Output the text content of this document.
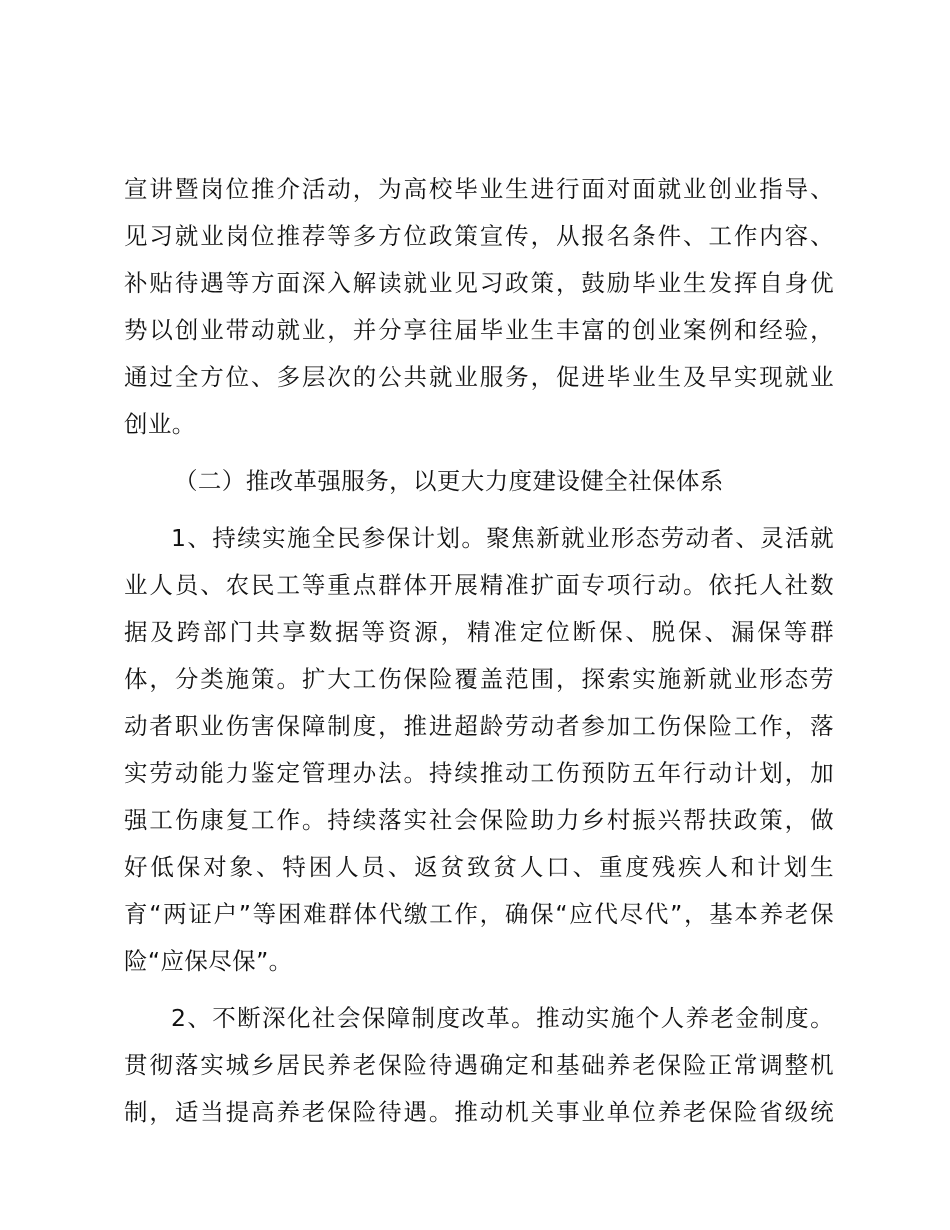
宣讲暨岗位推介活动，为高校毕业生进行面对面就业创业指导、
见习就业岗位推荐等多方位政策宣传，从报名条件、工作内容、
补贴待遇等方面深入解读就业见习政策，鼓励毕业生发挥自身优
势以创业带动就业，并分享往届毕业生丰富的创业案例和经验，
通过全方位、多层次的公共就业服务，促进毕业生及早实现就业
创业。
（二）推改革强服务，以更大力度建设健全社保体系
1、持续实施全民参保计划。聚焦新就业形态劳动者、灵活就
业人员、农民工等重点群体开展精准扩面专项行动。依托人社数
据及跨部门共享数据等资源，精准定位断保、脱保、漏保等群
体，分类施策。扩大工伤保险覆盖范围，探索实施新就业形态劳
动者职业伤害保障制度，推进超龄劳动者参加工伤保险工作，落
实劳动能力鉴定管理办法。持续推动工伤预防五年行动计划，加
强工伤康复工作。持续落实社会保险助力乡村振兴帮扶政策，做
好低保对象、特困人员、返贫致贫人口、重度残疾人和计划生
育“两证户”等困难群体代缴工作，确保“应代尽代”，基本养老保
险“应保尽保”。
2、不断深化社会保障制度改革。推动实施个人养老金制度。
贯彻落实城乡居民养老保险待遇确定和基础养老保险正常调整机
制，适当提高养老保险待遇。推动机关事业单位养老保险省级统
